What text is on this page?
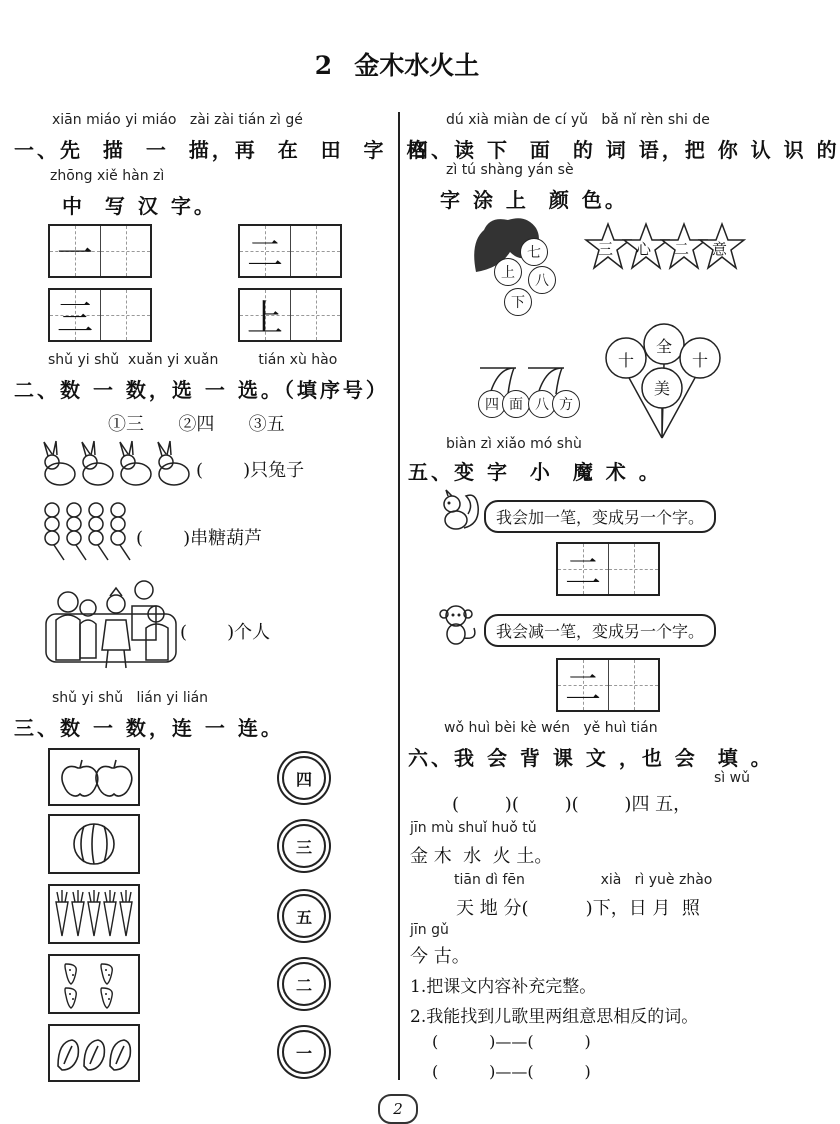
2 金木水火土
xiān miáo yi miáo   zài zài tián zì gé
一、先  描  一  描，再  在  田  字  格
zhōng xiě hàn zì
中  写 汉 字。
一	二
三	上
shǔ yi shǔ  xuǎn yi xuǎn         tián xù hào
二、数 一 数，选 一 选。（填序号）
①三      ②四      ③五
(       )只兔子
(       )串糖葫芦
(       )个人
shǔ yi shǔ   lián yi lián
三、数 一 数，连 一 连。
四
三
五
二
一
dú xià miàn de cí yǔ   bǎ nǐ rèn shi de
四、读 下  面  的 词 语，把 你 认 识 的
zì tú shàng yán sè
字 涂 上  颜 色。
七
上	八
下
三 心 二 意
四 面 八 方
全
十	十
美
biàn zì xiǎo mó shù
五、变 字  小  魔 术 。
我会加一笔，变成另一个字。
二
我会减一笔，变成另一个字。
二
wǒ huì bèi kè wén   yě huì tián
六、我 会 背 课 文 ，也 会  填 。
sì wǔ
(        )(        )(        )四 五，
jīn mù shuǐ huǒ tǔ
金 木  水  火 土。
tiān dì fēn                 xià   rì yuè zhào
天 地 分(          )下，日 月  照
jīn gǔ
今 古。
1.把课文内容补充完整。
2.我能找到儿歌里两组意思相反的词。
(          )——(          )
(          )——(          )
2
